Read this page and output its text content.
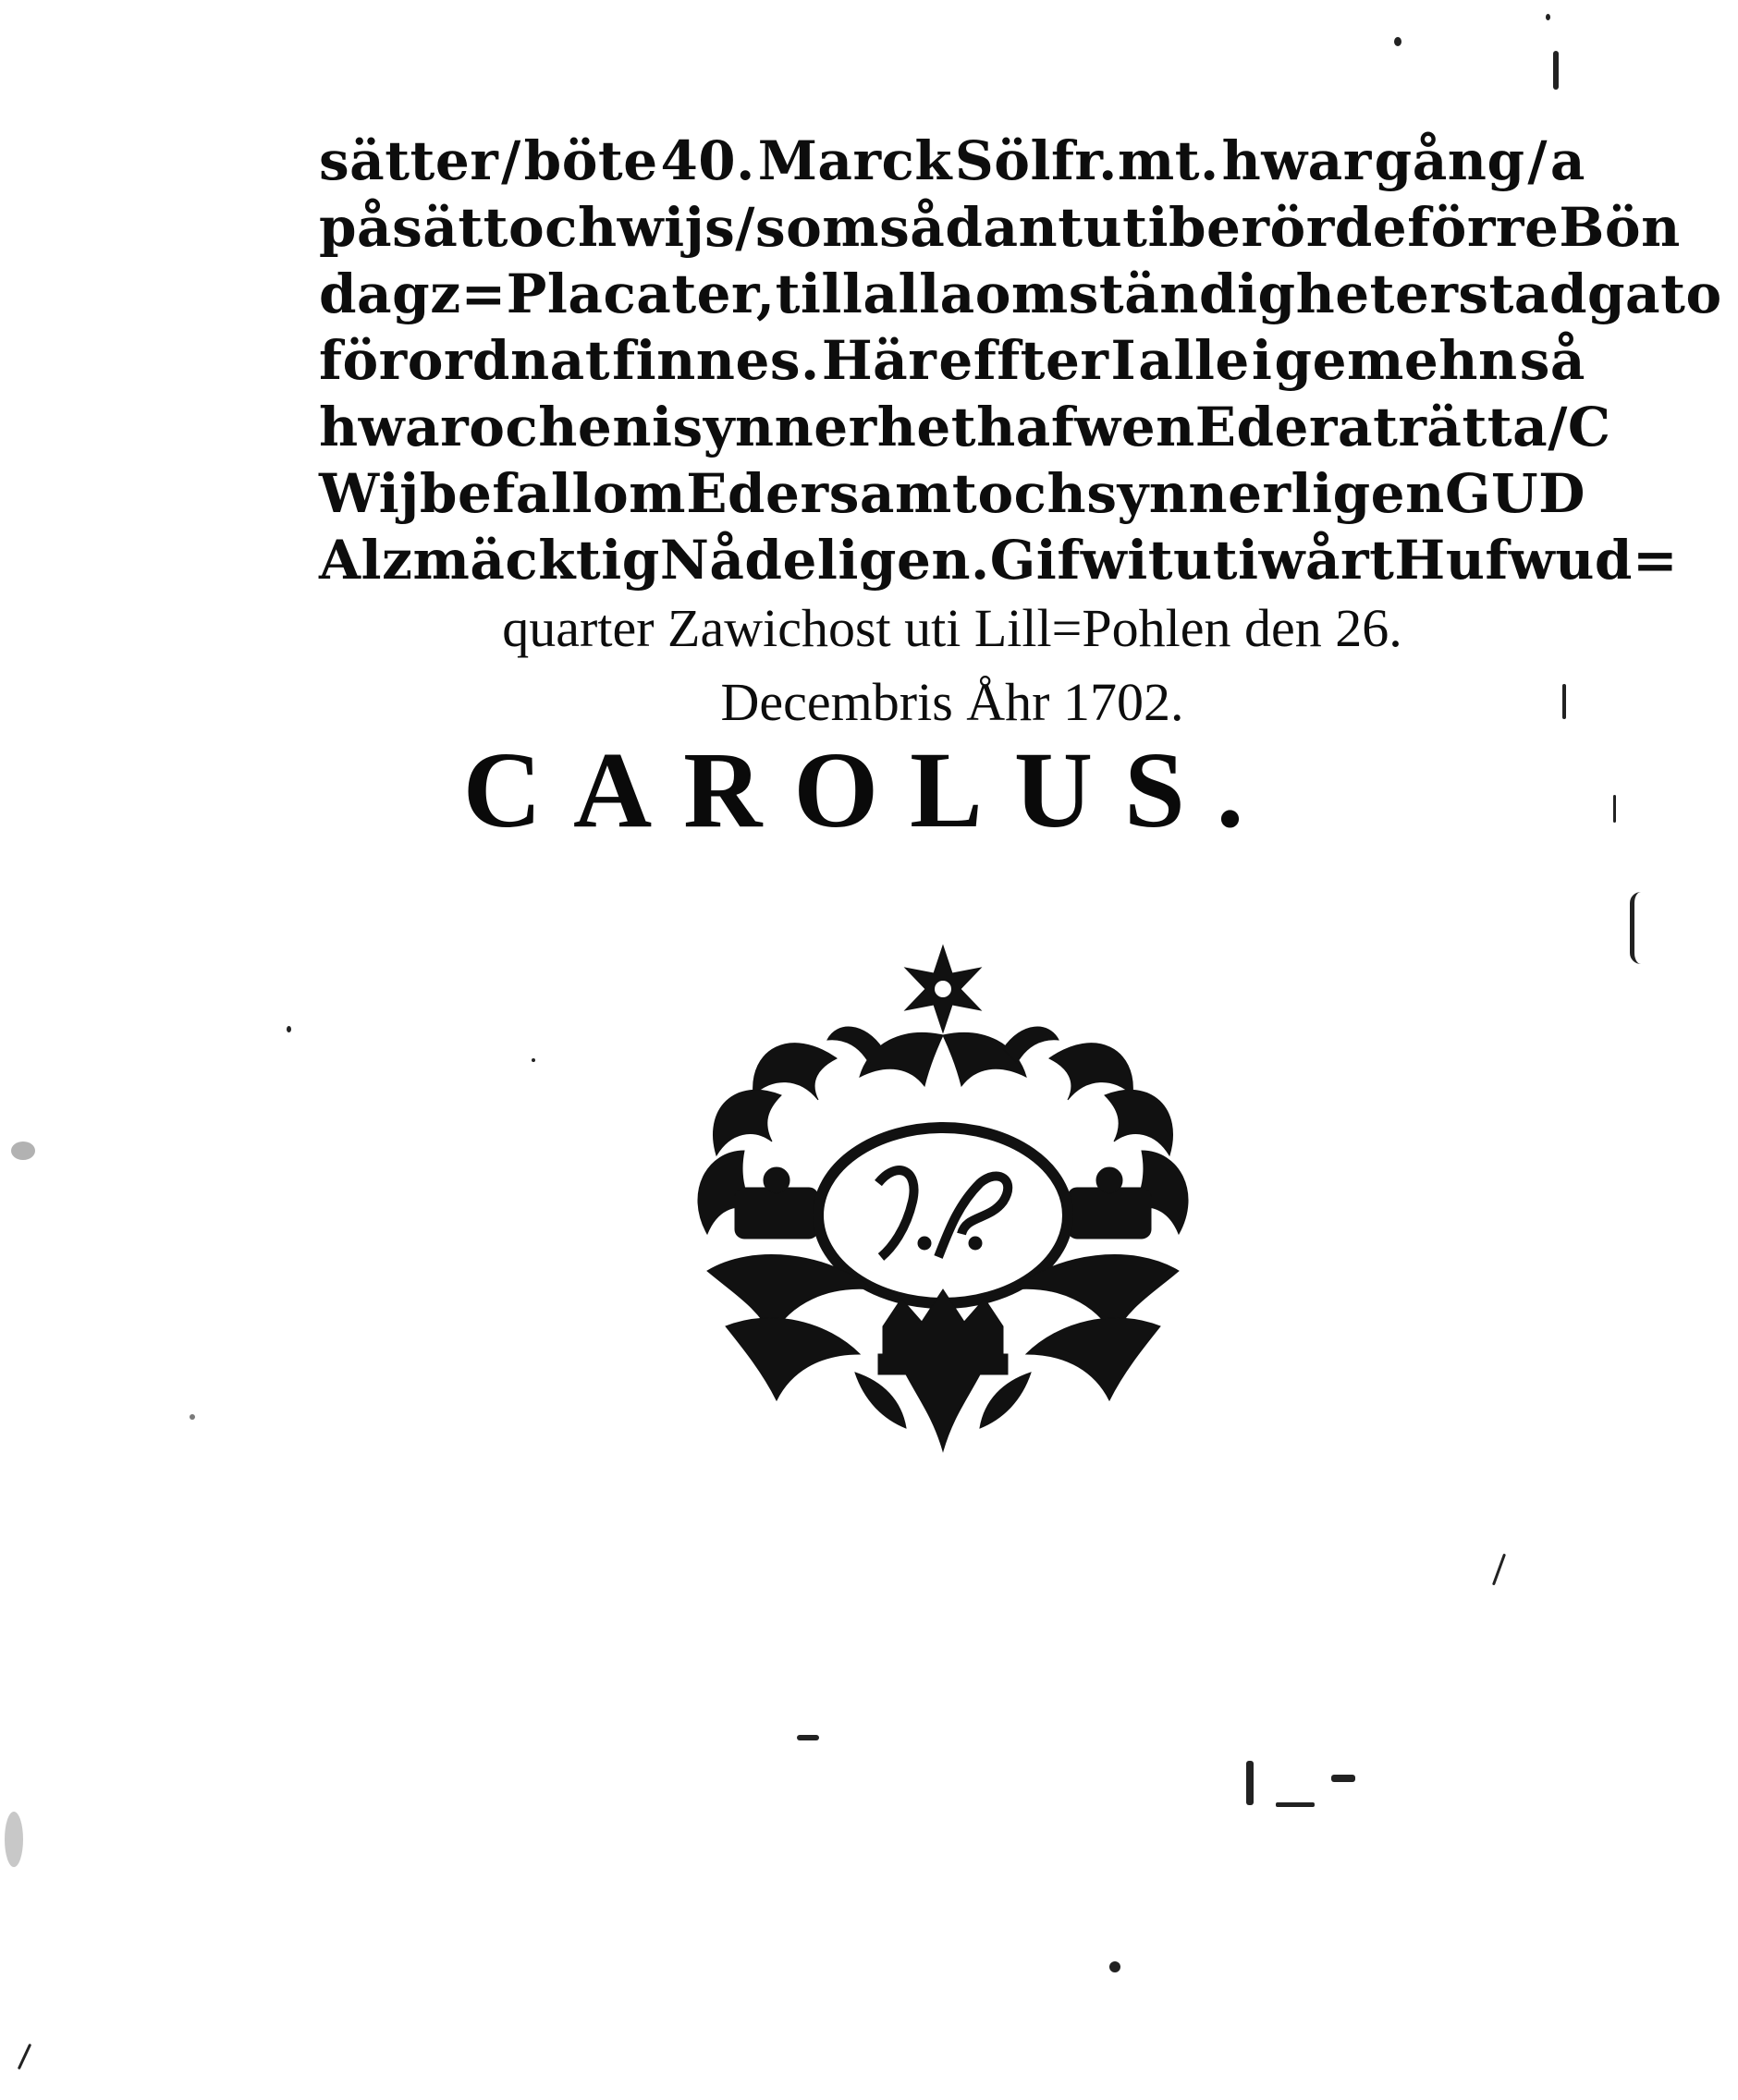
sätter / böte 40. Marck Sölfr.mt. hwar gång / a
på sätt och wijs / som sådant uti berörde förre Bön
dagz=Placater, till alla omständigheter stadgat o
förordnat finnes. Här effter I alle i gemehn så
hwar och en i synnerhet hafwen Eder at rätta / C
Wij befallom Eder samt och synnerligen GUD
Alzmäcktig Nådeligen. Gifwit uti wårt Hufwud=
quarter Zawichost uti Lill=Pohlen den 26.
Decembris Åhr 1702.
CAROLUS.
